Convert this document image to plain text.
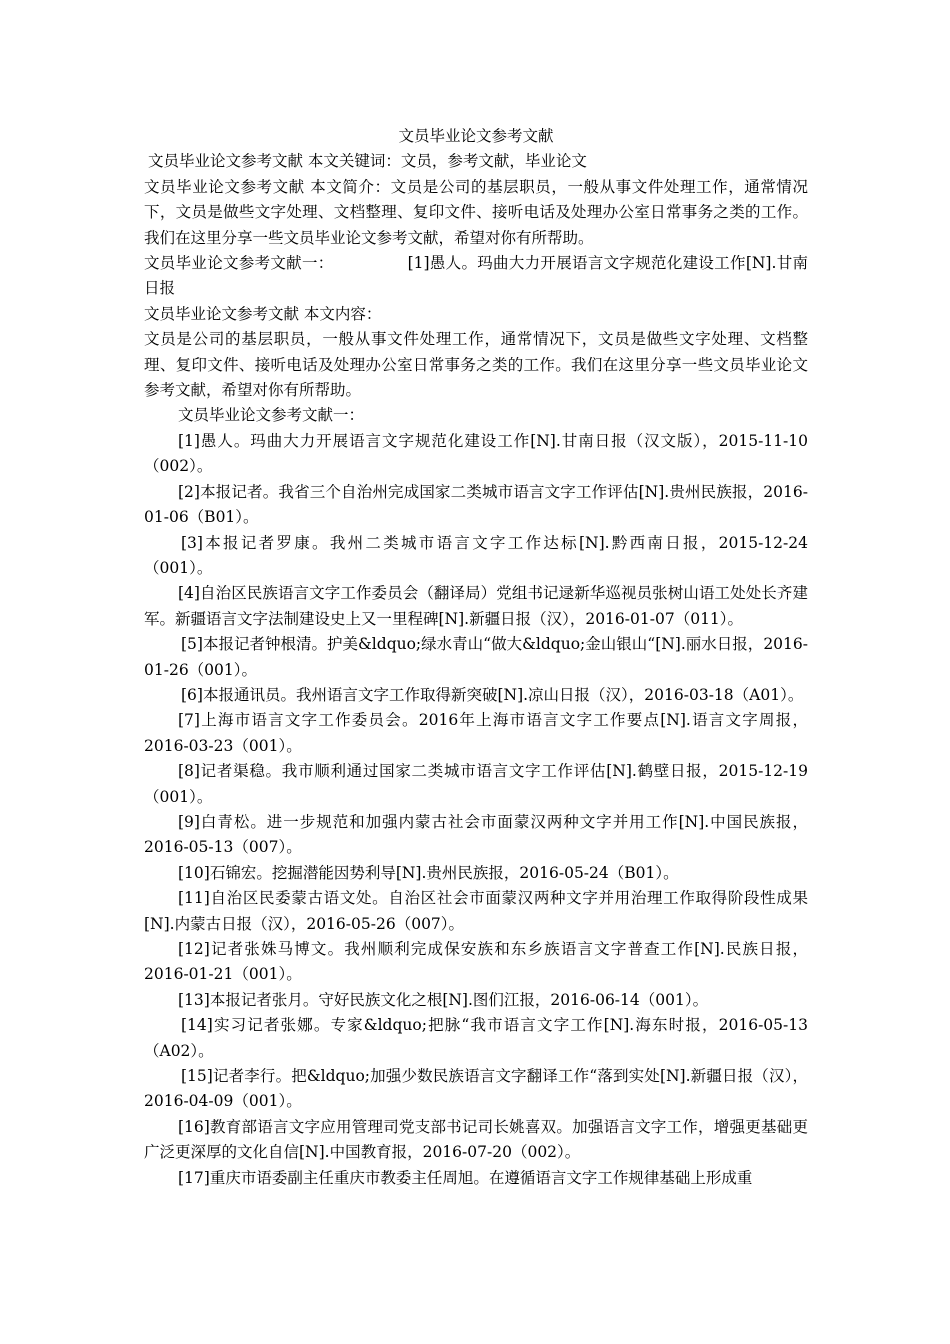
文员毕业论文参考文献

文员毕业论文参考文献 本文关键词：文员，参考文献，毕业论文

文员毕业论文参考文献 本文简介：文员是公司的基层职员，一般从事文件处理工作，通常情况下，文员是做些文字处理、文档整理、复印文件、接听电话及处理办公室日常事务之类的工作。我们在这里分享一些文员毕业论文参考文献，希望对你有所帮助。

文员毕业论文参考文献一：	[1]愚人。玛曲大力开展语言文字规范化建设工作[N].甘南日报

文员毕业论文参考文献 本文内容：

文员是公司的基层职员，一般从事文件处理工作，通常情况下，文员是做些文字处理、文档整理、复印文件、接听电话及处理办公室日常事务之类的工作。我们在这里分享一些文员毕业论文参考文献，希望对你有所帮助。

文员毕业论文参考文献一：

[1]愚人。玛曲大力开展语言文字规范化建设工作[N].甘南日报（汉文版），2015-11-10（002）。

[2]本报记者。我省三个自治州完成国家二类城市语言文字工作评估[N].贵州民族报，2016-01-06（B01）。

[3]本报记者罗康。我州二类城市语言文字工作达标[N].黔西南日报，2015-12-24（001）。

[4]自治区民族语言文字工作委员会（翻译局）党组书记逯新华巡视员张树山语工处处长齐建军。新疆语言文字法制建设史上又一里程碑[N].新疆日报（汉），2016-01-07（011）。

[5]本报记者钟根清。护美&ldquo;绿水青山“做大&ldquo;金山银山“[N].丽水日报，2016-01-26（001）。

[6]本报通讯员。我州语言文字工作取得新突破[N].凉山日报（汉），2016-03-18（A01）。

[7]上海市语言文字工作委员会。2016年上海市语言文字工作要点[N].语言文字周报，2016-03-23（001）。

[8]记者渠稳。我市顺利通过国家二类城市语言文字工作评估[N].鹤壁日报，2015-12-19（001）。

[9]白青松。进一步规范和加强内蒙古社会市面蒙汉两种文字并用工作[N].中国民族报，2016-05-13（007）。

[10]石锦宏。挖掘潜能因势利导[N].贵州民族报，2016-05-24（B01）。

[11]自治区民委蒙古语文处。自治区社会市面蒙汉两种文字并用治理工作取得阶段性成果[N].内蒙古日报（汉），2016-05-26（007）。

[12]记者张姝马博文。我州顺利完成保安族和东乡族语言文字普查工作[N].民族日报，2016-01-21（001）。

[13]本报记者张月。守好民族文化之根[N].图们江报，2016-06-14（001）。

[14]实习记者张娜。专家&ldquo;把脉“我市语言文字工作[N].海东时报，2016-05-13（A02）。

[15]记者李行。把&ldquo;加强少数民族语言文字翻译工作“落到实处[N].新疆日报（汉），2016-04-09（001）。

[16]教育部语言文字应用管理司党支部书记司长姚喜双。加强语言文字工作，增强更基础更广泛更深厚的文化自信[N].中国教育报，2016-07-20（002）。

[17]重庆市语委副主任重庆市教委主任周旭。在遵循语言文字工作规律基础上形成重
